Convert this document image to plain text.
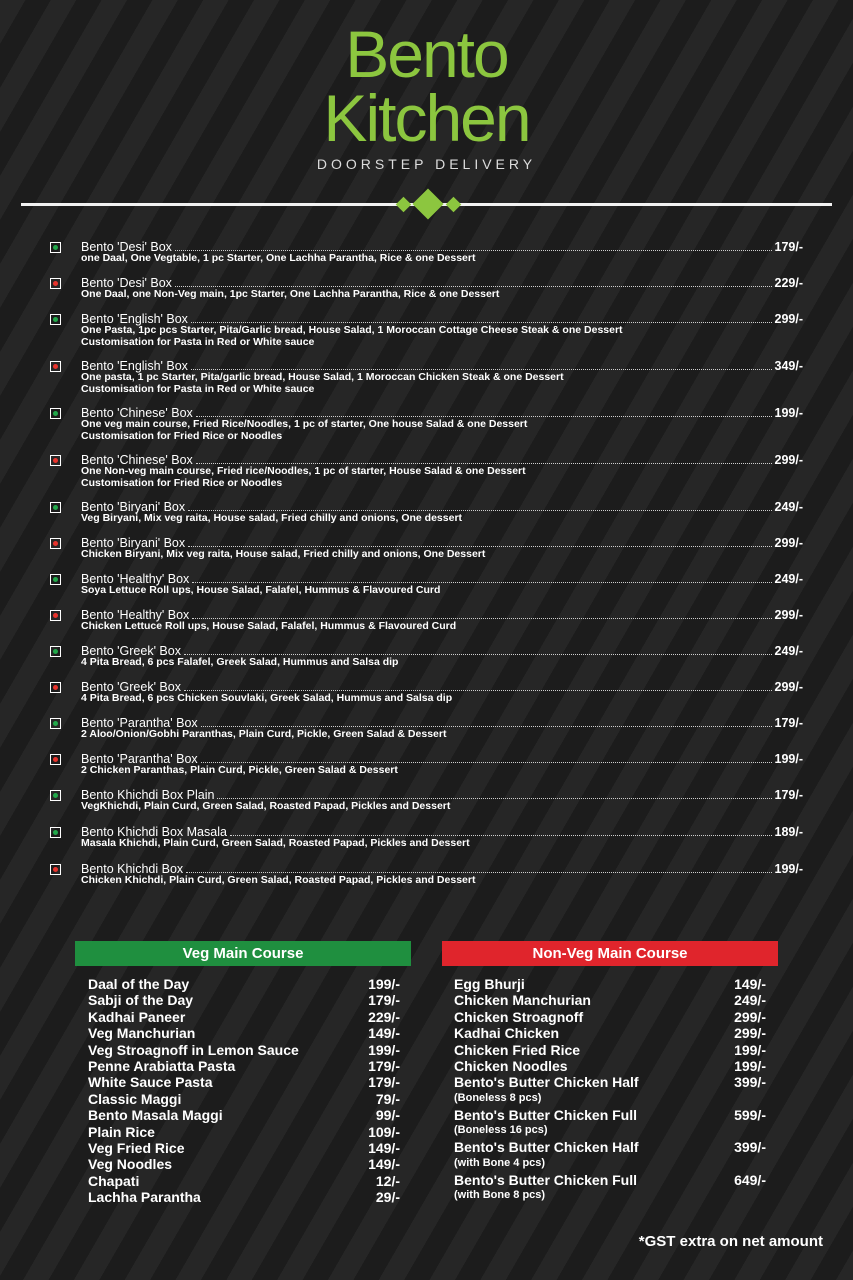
Bento
Kitchen
DOORSTEP DELIVERY
Bento 'Desi' Box	179/-
one Daal, One Vegtable, 1 pc Starter, One Lachha Parantha, Rice & one Dessert
Bento 'Desi' Box	229/-
One Daal, one Non-Veg main, 1pc Starter, One Lachha Parantha, Rice & one Dessert
Bento 'English' Box	299/-
One Pasta, 1pc pcs Starter, Pita/Garlic bread, House Salad, 1 Moroccan Cottage Cheese Steak & one Dessert
Customisation for Pasta in Red or White sauce
Bento 'English' Box	349/-
One pasta, 1 pc Starter, Pita/garlic bread, House Salad, 1 Moroccan Chicken Steak & one Dessert
Customisation for Pasta in Red or White sauce
Bento 'Chinese' Box	199/-
One veg main course, Fried Rice/Noodles, 1 pc of starter, One house Salad & one Dessert
Customisation for Fried Rice or Noodles
Bento 'Chinese' Box	299/-
One Non-veg main course, Fried rice/Noodles, 1 pc of starter, House Salad & one Dessert
Customisation for Fried Rice or Noodles
Bento 'Biryani' Box	249/-
Veg Biryani, Mix veg raita, House salad, Fried chilly and onions, One dessert
Bento 'Biryani' Box	299/-
Chicken Biryani, Mix veg raita, House salad, Fried chilly and onions, One Dessert
Bento 'Healthy' Box	249/-
Soya Lettuce Roll ups, House Salad, Falafel, Hummus & Flavoured Curd
Bento 'Healthy' Box	299/-
Chicken Lettuce Roll ups, House Salad, Falafel, Hummus & Flavoured Curd
Bento 'Greek' Box	249/-
4 Pita Bread, 6 pcs Falafel, Greek Salad, Hummus and Salsa dip
Bento 'Greek' Box	299/-
4 Pita Bread, 6 pcs Chicken Souvlaki, Greek Salad, Hummus and Salsa dip
Bento 'Parantha' Box	179/-
2 Aloo/Onion/Gobhi Paranthas, Plain Curd, Pickle, Green Salad & Dessert
Bento 'Parantha' Box	199/-
2 Chicken Paranthas, Plain Curd, Pickle, Green Salad & Dessert
Bento Khichdi Box Plain	179/-
VegKhichdi, Plain Curd, Green Salad, Roasted Papad, Pickles and Dessert
Bento Khichdi Box Masala	189/-
Masala Khichdi, Plain Curd, Green Salad, Roasted Papad, Pickles and Dessert
Bento Khichdi Box	199/-
Chicken Khichdi, Plain Curd, Green Salad, Roasted Papad, Pickles and Dessert
Veg Main Course	Non-Veg Main Course
Daal of the Day	199/-
Sabji of the Day	179/-
Kadhai Paneer	229/-
Veg Manchurian	149/-
Veg Stroagnoff in Lemon Sauce	199/-
Penne Arabiatta Pasta	179/-
White Sauce Pasta	179/-
Classic Maggi	79/-
Bento Masala Maggi	99/-
Plain Rice	109/-
Veg Fried Rice	149/-
Veg Noodles	149/-
Chapati	12/-
Lachha Parantha	29/-
Egg Bhurji	149/-
Chicken Manchurian	249/-
Chicken Stroagnoff	299/-
Kadhai Chicken	299/-
Chicken Fried Rice	199/-
Chicken Noodles	199/-
Bento's Butter Chicken Half	399/-
(Boneless 8 pcs)
Bento's Butter Chicken Full	599/-
(Boneless 16 pcs)
Bento's Butter Chicken Half	399/-
(with Bone 4 pcs)
Bento's Butter Chicken Full	649/-
(with Bone 8 pcs)
*GST extra on net amount
